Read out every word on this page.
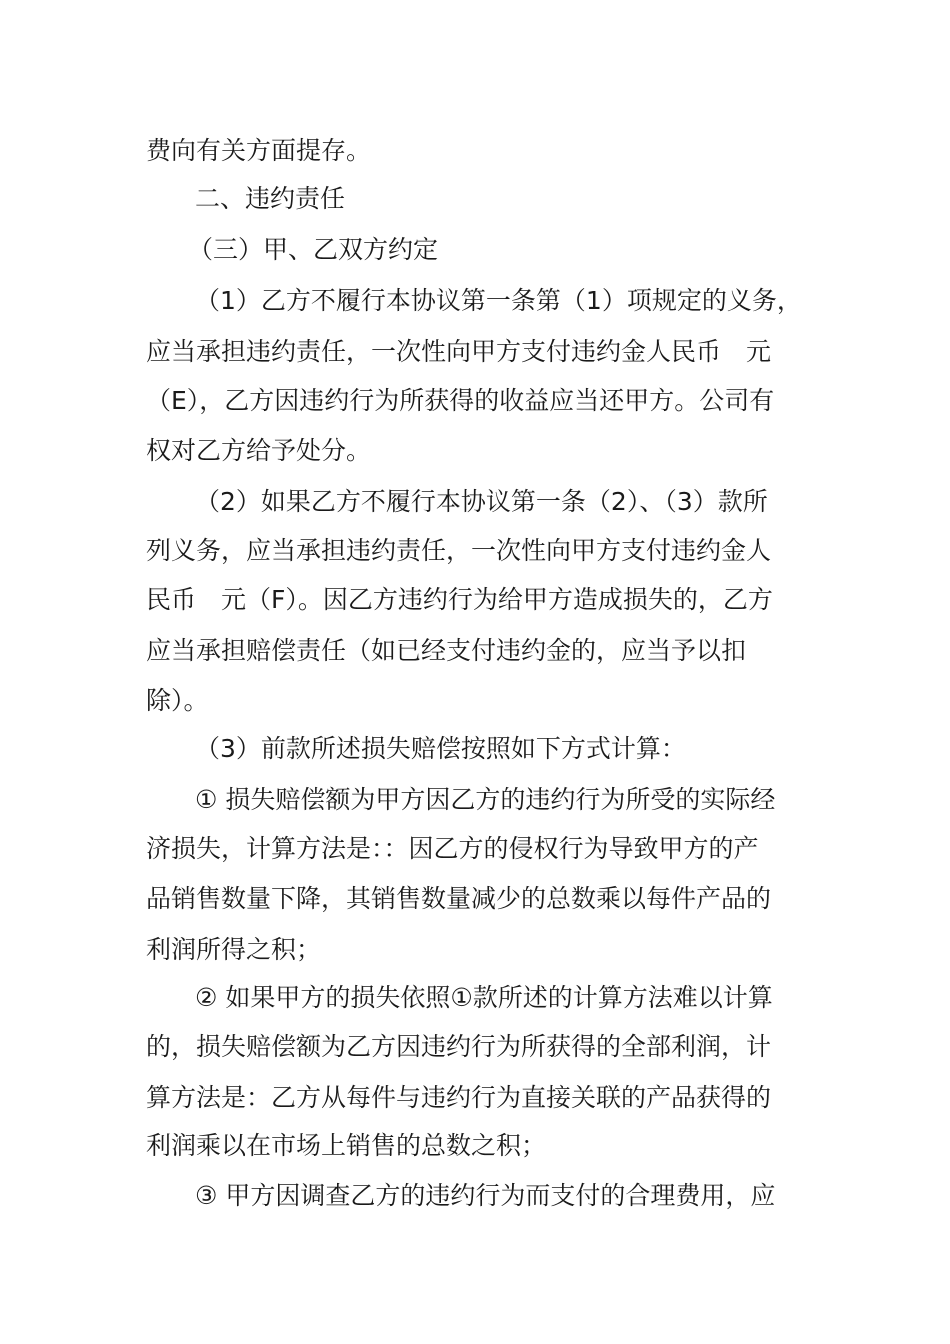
费向有关方面提存。
二、违约责任
（三）甲、乙双方约定
（1）乙方不履行本协议第一条第（1）项规定的义务，
应当承担违约责任，一次性向甲方支付违约金人民币　元
（E），乙方因违约行为所获得的收益应当还甲方。公司有
权对乙方给予处分。
（2）如果乙方不履行本协议第一条（2）、（3）款所
列义务，应当承担违约责任，一次性向甲方支付违约金人
民币　元（F）。因乙方违约行为给甲方造成损失的，乙方
应当承担赔偿责任（如已经支付违约金的，应当予以扣
除）。
（3）前款所述损失赔偿按照如下方式计算：
① 损失赔偿额为甲方因乙方的违约行为所受的实际经
济损失，计算方法是：：因乙方的侵权行为导致甲方的产
品销售数量下降，其销售数量减少的总数乘以每件产品的
利润所得之积；
② 如果甲方的损失依照①款所述的计算方法难以计算
的，损失赔偿额为乙方因违约行为所获得的全部利润，计
算方法是：乙方从每件与违约行为直接关联的产品获得的
利润乘以在市场上销售的总数之积；
③ 甲方因调查乙方的违约行为而支付的合理费用，应
